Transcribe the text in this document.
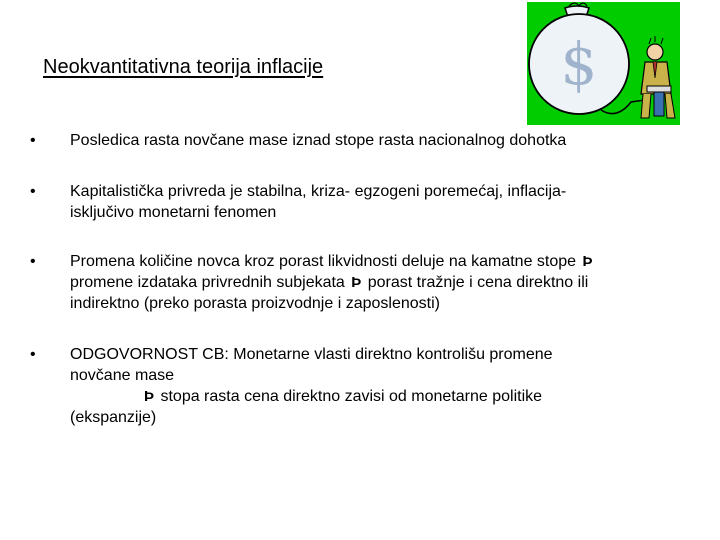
Neokvantitativna teorija inflacije	$
• Posledica rasta novčane mase iznad stope rasta nacionalnog dohotka
• Kapitalistička privreda je stabilna, kriza- egzogeni poremećaj, inflacija-
isključivo monetarni fenomen
• Promena količine novca kroz porast likvidnosti deluje na kamatne stope Þ
promene izdataka privrednih subjekata Þ porast tražnje i cena direktno ili
indirektno (preko porasta proizvodnje i zaposlenosti)
• ODGOVORNOST CB: Monetarne vlasti direktno kontrolišu promene
novčane mase
Þ stopa rasta cena direktno zavisi od monetarne politike
(ekspanzije)
